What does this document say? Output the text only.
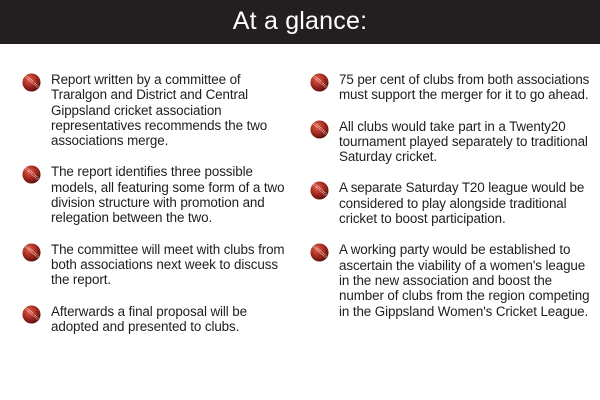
At a glance:
Report written by a committee of Traralgon and District and Central Gippsland cricket association representatives recommends the two associations merge.
The report identifies three possible models, all featuring some form of a two division structure with promotion and relegation between the two.
The committee will meet with clubs from both associations next week to discuss the report.
Afterwards a final proposal will be adopted and presented to clubs.
75 per cent of clubs from both associations must support the merger for it to go ahead.
All clubs would take part in a Twenty20 tournament played separately to traditional Saturday cricket.
A separate Saturday T20 league would be considered to play alongside traditional cricket to boost participation.
A working party would be established to ascertain the viability of a women's league in the new association and boost the number of clubs from the region competing in the Gippsland Women's Cricket League.
